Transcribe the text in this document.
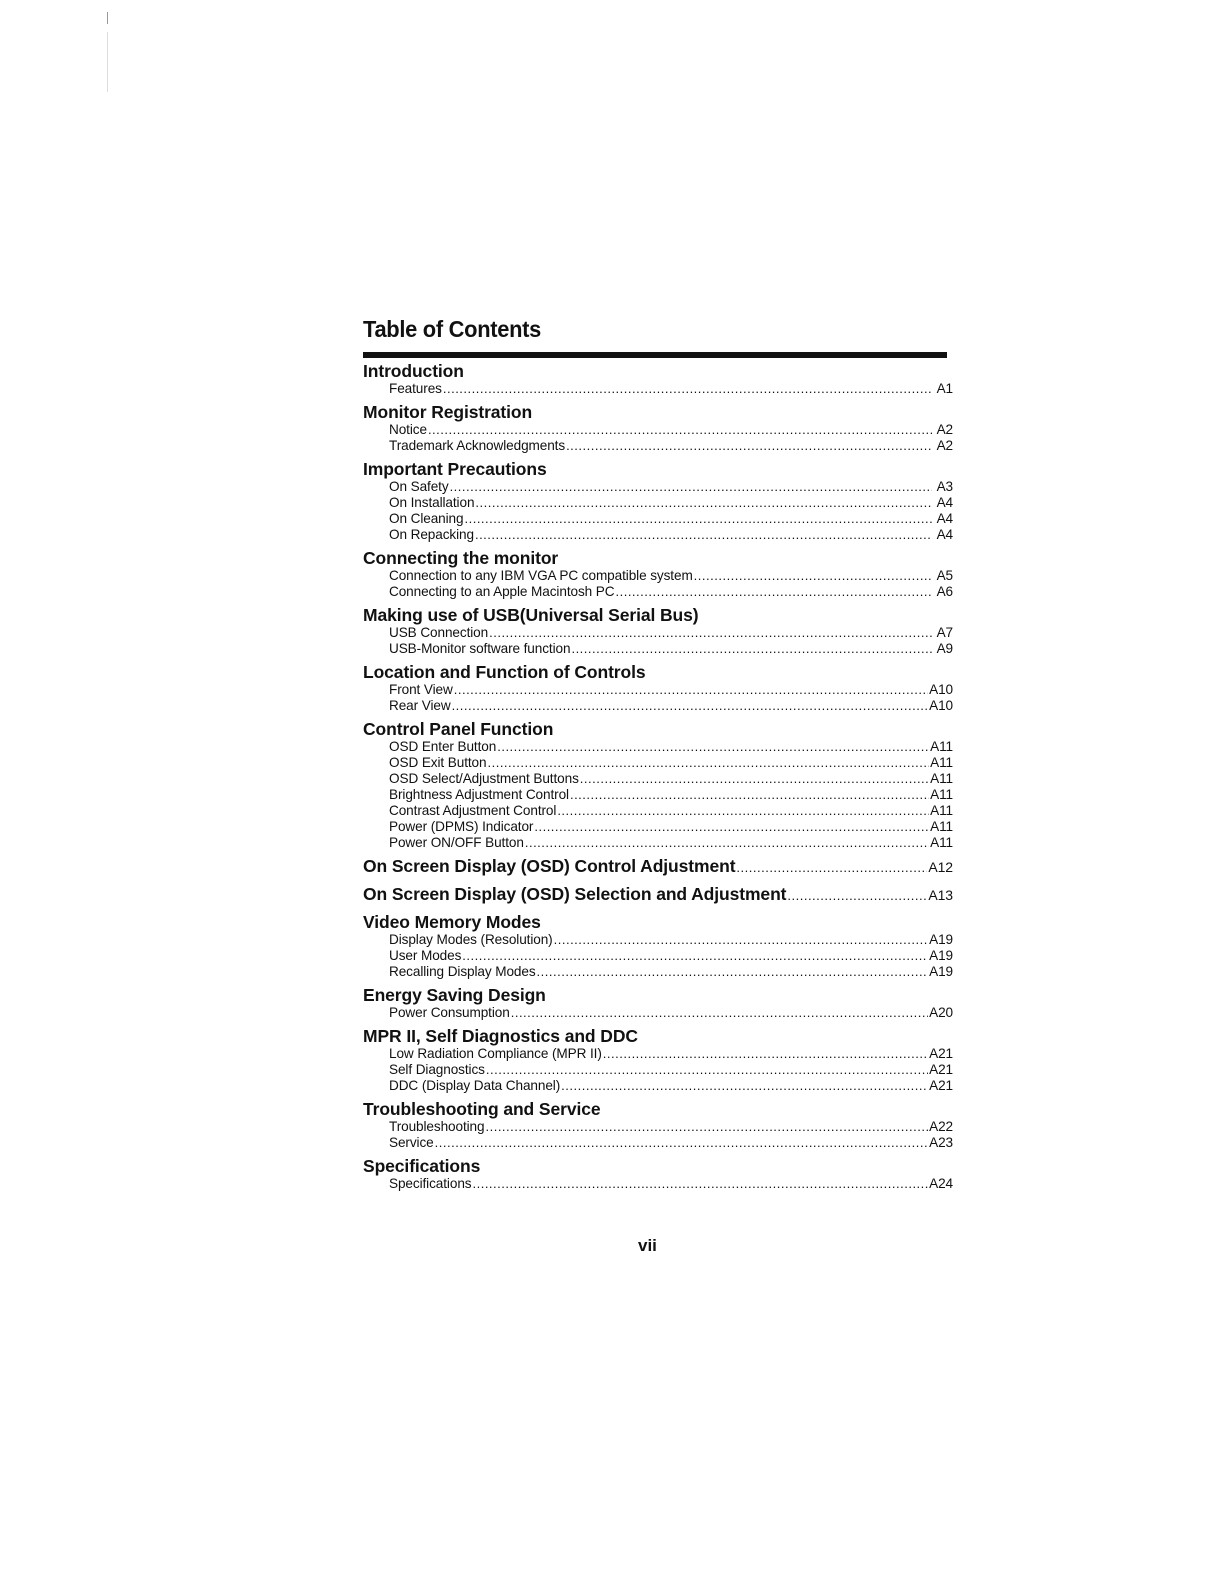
Table of Contents
Introduction
Features .....	A1
Monitor Registration
Notice .....	A2
Trademark Acknowledgments .....	A2
Important Precautions
On Safety .....	A3
On Installation .....	A4
On Cleaning .....	A4
On Repacking .....	A4
Connecting the monitor
Connection to any IBM VGA PC compatible system .....	A5
Connecting to an Apple Macintosh PC .....	A6
Making use of USB(Universal Serial Bus)
USB Connection .....	A7
USB-Monitor software function .....	A9
Location and Function of Controls
Front View .....	A10
Rear View .....	A10
Control Panel Function
OSD Enter Button .....	A11
OSD Exit Button .....	A11
OSD Select/Adjustment Buttons .....	A11
Brightness Adjustment Control .....	A11
Contrast Adjustment Control .....	A11
Power (DPMS) Indicator .....	A11
Power ON/OFF Button .....	A11
On Screen Display (OSD) Control Adjustment .....	A12
On Screen Display (OSD) Selection and Adjustment .....	A13
Video Memory Modes
Display Modes (Resolution) .....	A19
User Modes .....	A19
Recalling Display Modes .....	A19
Energy Saving Design
Power Consumption .....	A20
MPR II, Self Diagnostics and DDC
Low Radiation Compliance (MPR II) .....	A21
Self Diagnostics .....	A21
DDC (Display Data Channel) .....	A21
Troubleshooting and Service
Troubleshooting .....	A22
Service .....	A23
Specifications
Specifications .....	A24
vii
